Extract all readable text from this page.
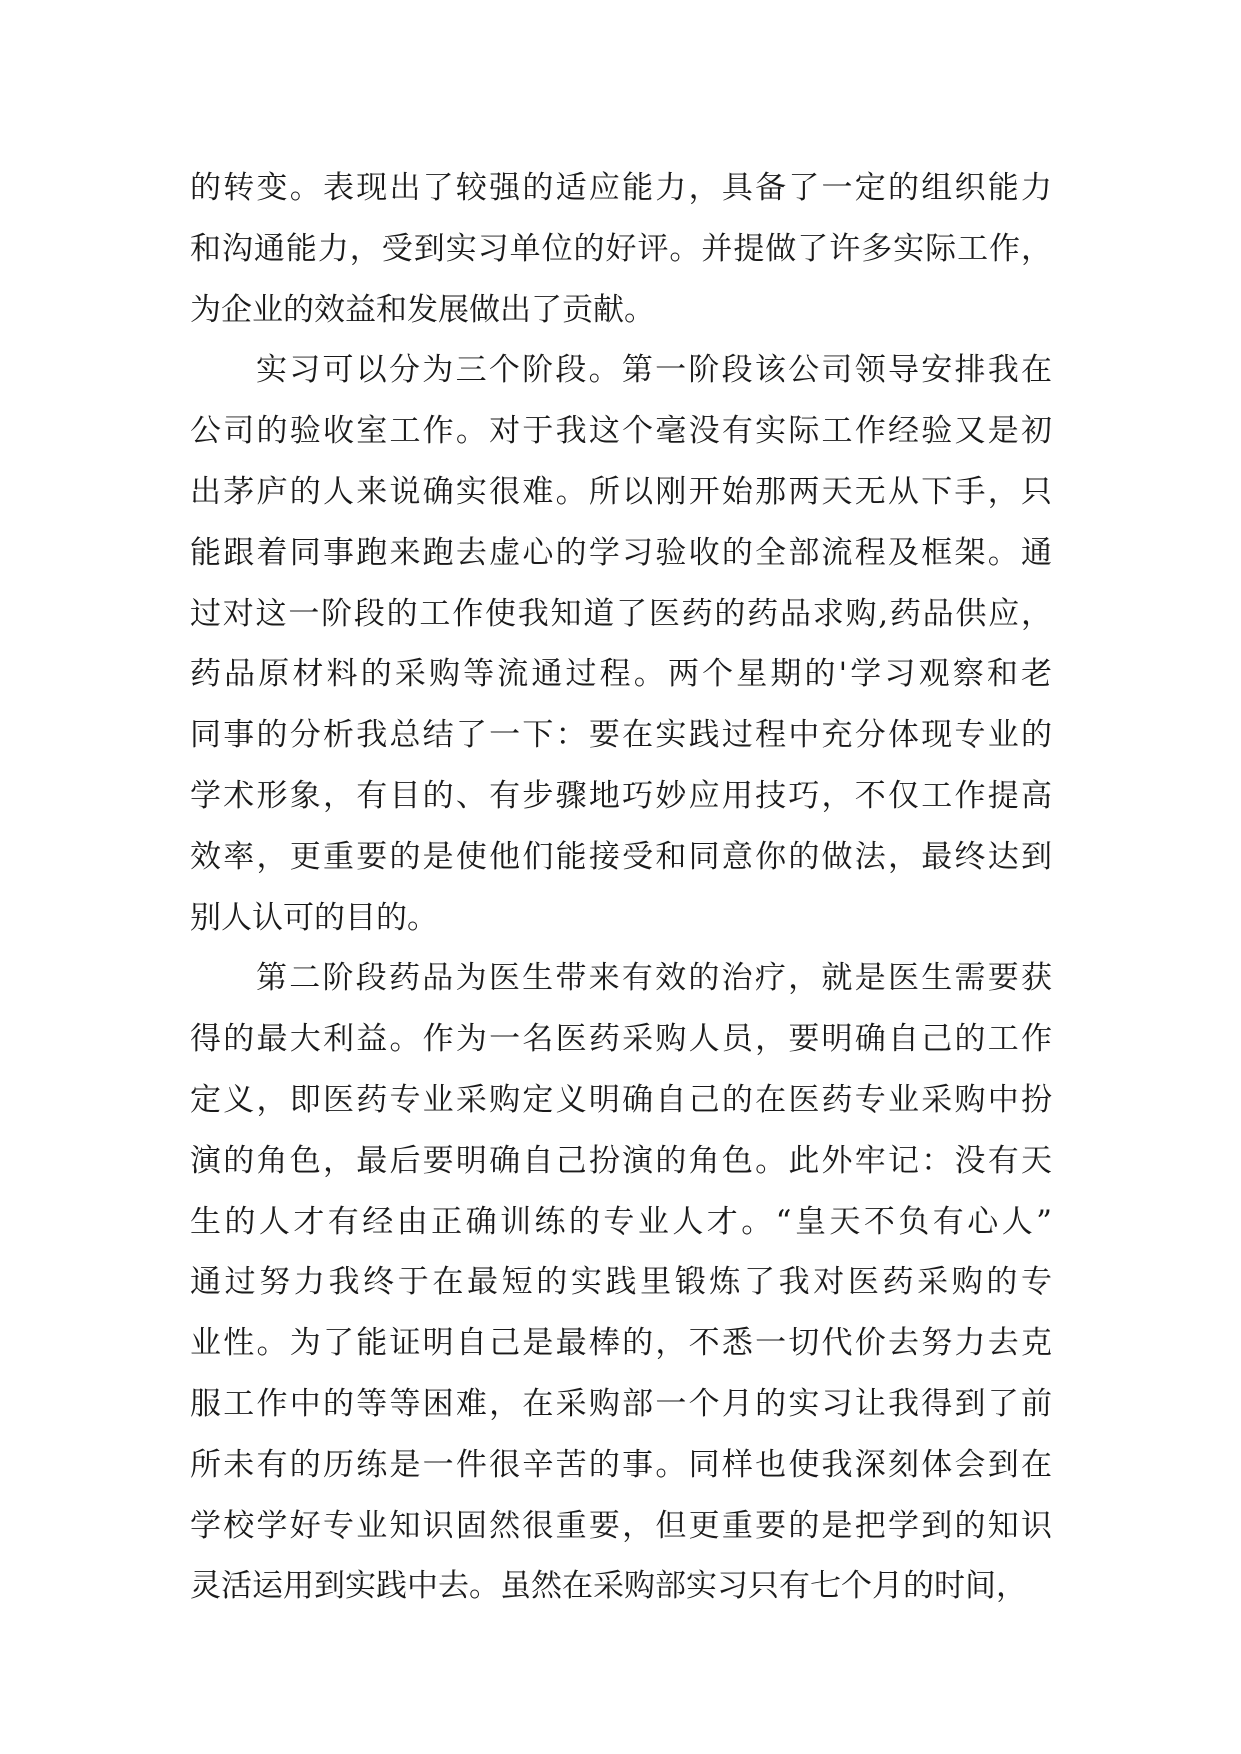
的转变。表现出了较强的适应能力，具备了一定的组织能力
和沟通能力，受到实习单位的好评。并提做了许多实际工作，
为企业的效益和发展做出了贡献。
实习可以分为三个阶段。第一阶段该公司领导安排我在
公司的验收室工作。对于我这个毫没有实际工作经验又是初
出茅庐的人来说确实很难。所以刚开始那两天无从下手，只
能跟着同事跑来跑去虚心的学习验收的全部流程及框架。通
过对这一阶段的工作使我知道了医药的药品求购,药品供应，
药品原材料的采购等流通过程。两个星期的'学习观察和老
同事的分析我总结了一下：要在实践过程中充分体现专业的
学术形象，有目的、有步骤地巧妙应用技巧，不仅工作提高
效率，更重要的是使他们能接受和同意你的做法，最终达到
别人认可的目的。
第二阶段药品为医生带来有效的治疗，就是医生需要获
得的最大利益。作为一名医药采购人员，要明确自己的工作
定义，即医药专业采购定义明确自己的在医药专业采购中扮
演的角色，最后要明确自己扮演的角色。此外牢记：没有天
生的人才有经由正确训练的专业人才。“皇天不负有心人”
通过努力我终于在最短的实践里锻炼了我对医药采购的专
业性。为了能证明自己是最棒的，不悉一切代价去努力去克
服工作中的等等困难，在采购部一个月的实习让我得到了前
所未有的历练是一件很辛苦的事。同样也使我深刻体会到在
学校学好专业知识固然很重要，但更重要的是把学到的知识
灵活运用到实践中去。虽然在采购部实习只有七个月的时间，
